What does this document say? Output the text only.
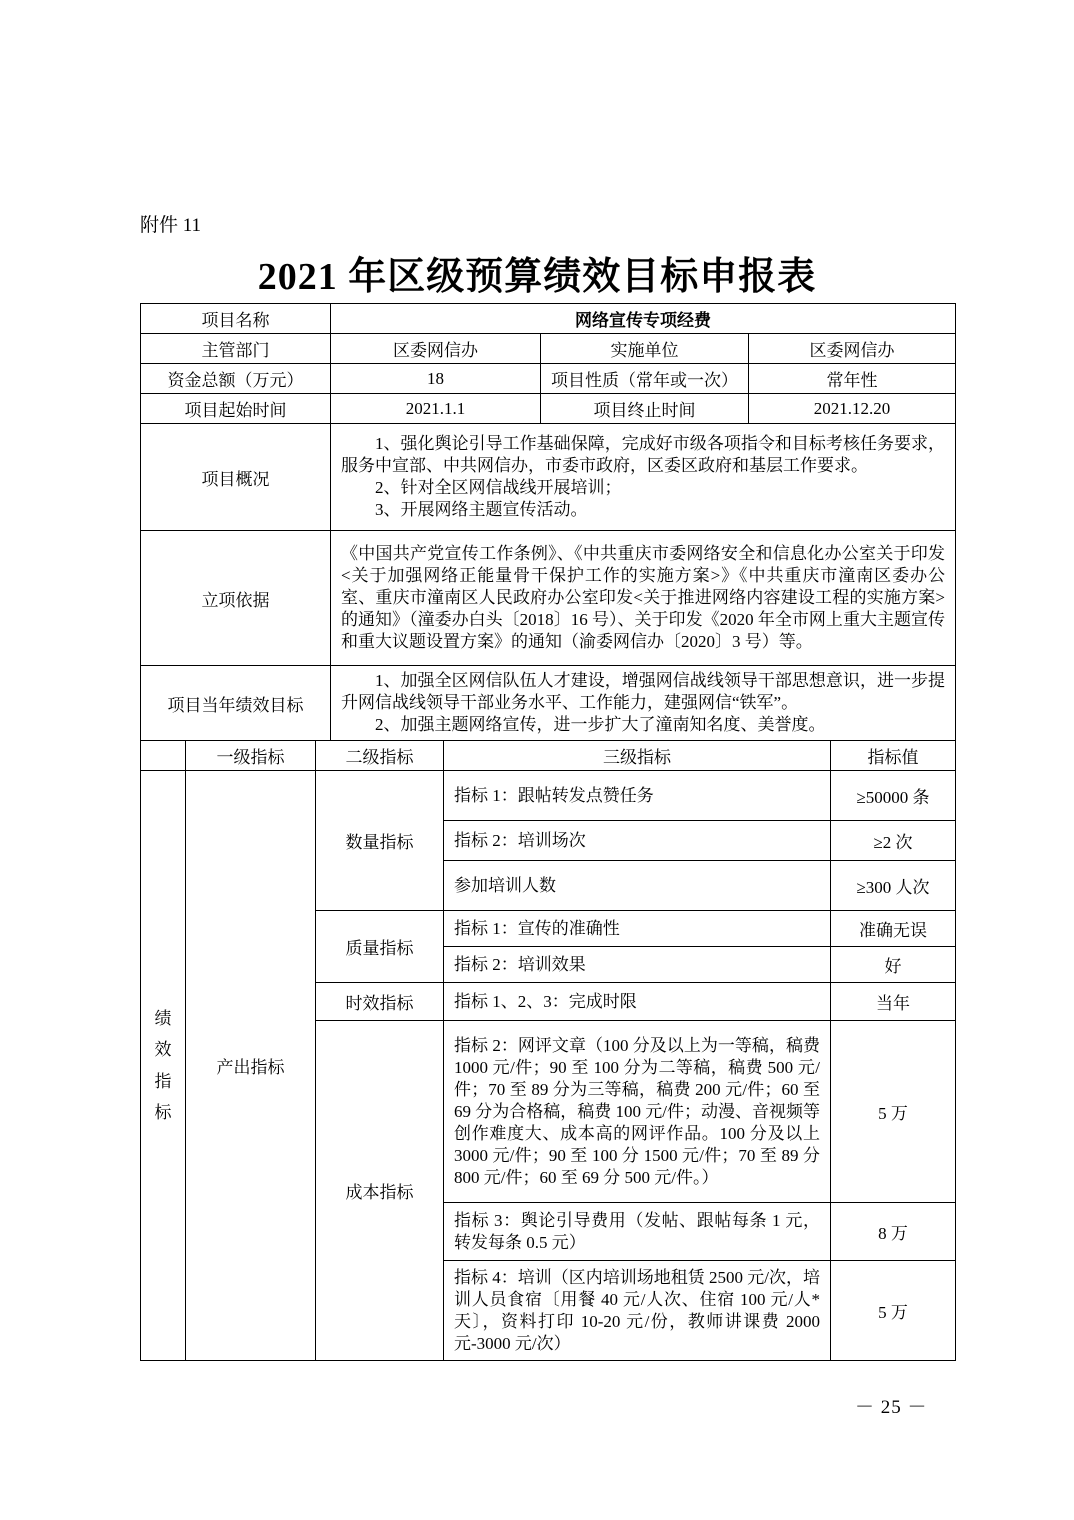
附件 11
2021 年区级预算绩效目标申报表
项目名称	网络宣传专项经费		
主管部门	区委网信办	实施单位	区委网信办
资金总额（万元）	18	项目性质（常年或一次）	常年性
项目起始时间	2021.1.1	项目终止时间	2021.12.20
项目概况	1、强化舆论引导工作基础保障，完成好市级各项指令和目标考核任务要求，服务中宣部、中共网信办，市委市政府，区委区政府和基层工作要求。
2、针对全区网信战线开展培训；
3、开展网络主题宣传活动。		

立项依据	《中国共产党宣传工作条例》、《中共重庆市委网络安全和信息化办公室关于印发<关于加强网络正能量骨干保护工作的实施方案>》《中共重庆市潼南区委办公室、重庆市潼南区人民政府办公室印发<关于推进网络内容建设工程的实施方案>的通知》（潼委办白头〔2018〕16 号）、关于印发《2020 年全市网上重大主题宣传和重大议题设置方案》的通知（渝委网信办〔2020〕3 号）等。		

项目当年绩效目标	1、加强全区网信队伍人才建设，增强网信战线领导干部思想意识，进一步提升网信战线领导干部业务水平、工作能力，建强网信“铁军”。
2、加强主题网络宣传，进一步扩大了潼南知名度、美誉度。		
	一级指标	二级指标	三级指标	指标值
绩效指标	产出指标	数量指标	指标 1：跟帖转发点赞任务	≥50000 条
			指标 2：培训场次	≥2 次
			参加培训人数	≥300 人次
		质量指标	指标 1：宣传的准确性	准确无误
			指标 2：培训效果	好
		时效指标	指标 1、2、3：完成时限	当年
		成本指标	指标 2：网评文章（100 分及以上为一等稿，稿费 1000 元/件；90 至 100 分为二等稿，稿费 500 元/件；70 至 89 分为三等稿，稿费 200 元/件；60 至 69 分为合格稿，稿费 100 元/件；动漫、音视频等创作难度大、成本高的网评作品。100 分及以上 3000 元/件；90 至 100 分 1500 元/件；70 至 89 分 800 元/件；60 至 69 分 500 元/件。）	5 万
			指标 3：舆论引导费用（发帖、跟帖每条 1 元，转发每条 0.5 元）	8 万
			指标 4：培训（区内培训场地租赁 2500 元/次，培训人员食宿〔用餐 40 元/人次、住宿 100 元/人*天〕，资料打印 10-20 元/份，教师讲课费 2000 元-3000 元/次）	5 万
－ 25 －
